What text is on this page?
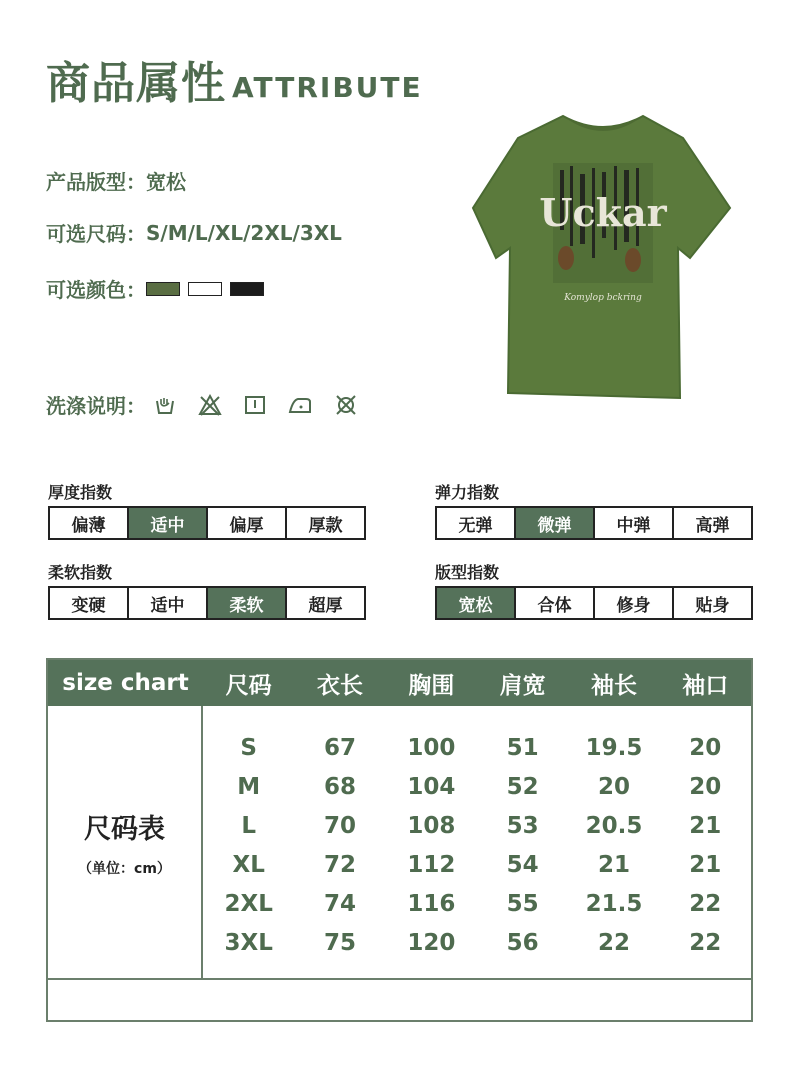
商品属性 ATTRIBUTE
产品版型： 宽松
可选尺码： S/M/L/XL/2XL/3XL
可选颜色：
洗涤说明：
Uckar
Komylop bckring
厚度指数
偏薄	适中	偏厚	厚款
弹力指数
无弹	微弹	中弹	高弹
柔软指数
变硬	适中	柔软	超厚
版型指数
宽松	合体	修身	贴身
size chart	尺码	衣长	胸围	肩宽	袖长	袖口
尺码表
（单位：cm）
S	67	100	51	19.5	20
M	68	104	52	20	20
L	70	108	53	20.5	21
XL	72	112	54	21	21
2XL	74	116	55	21.5	22
3XL	75	120	56	22	22
